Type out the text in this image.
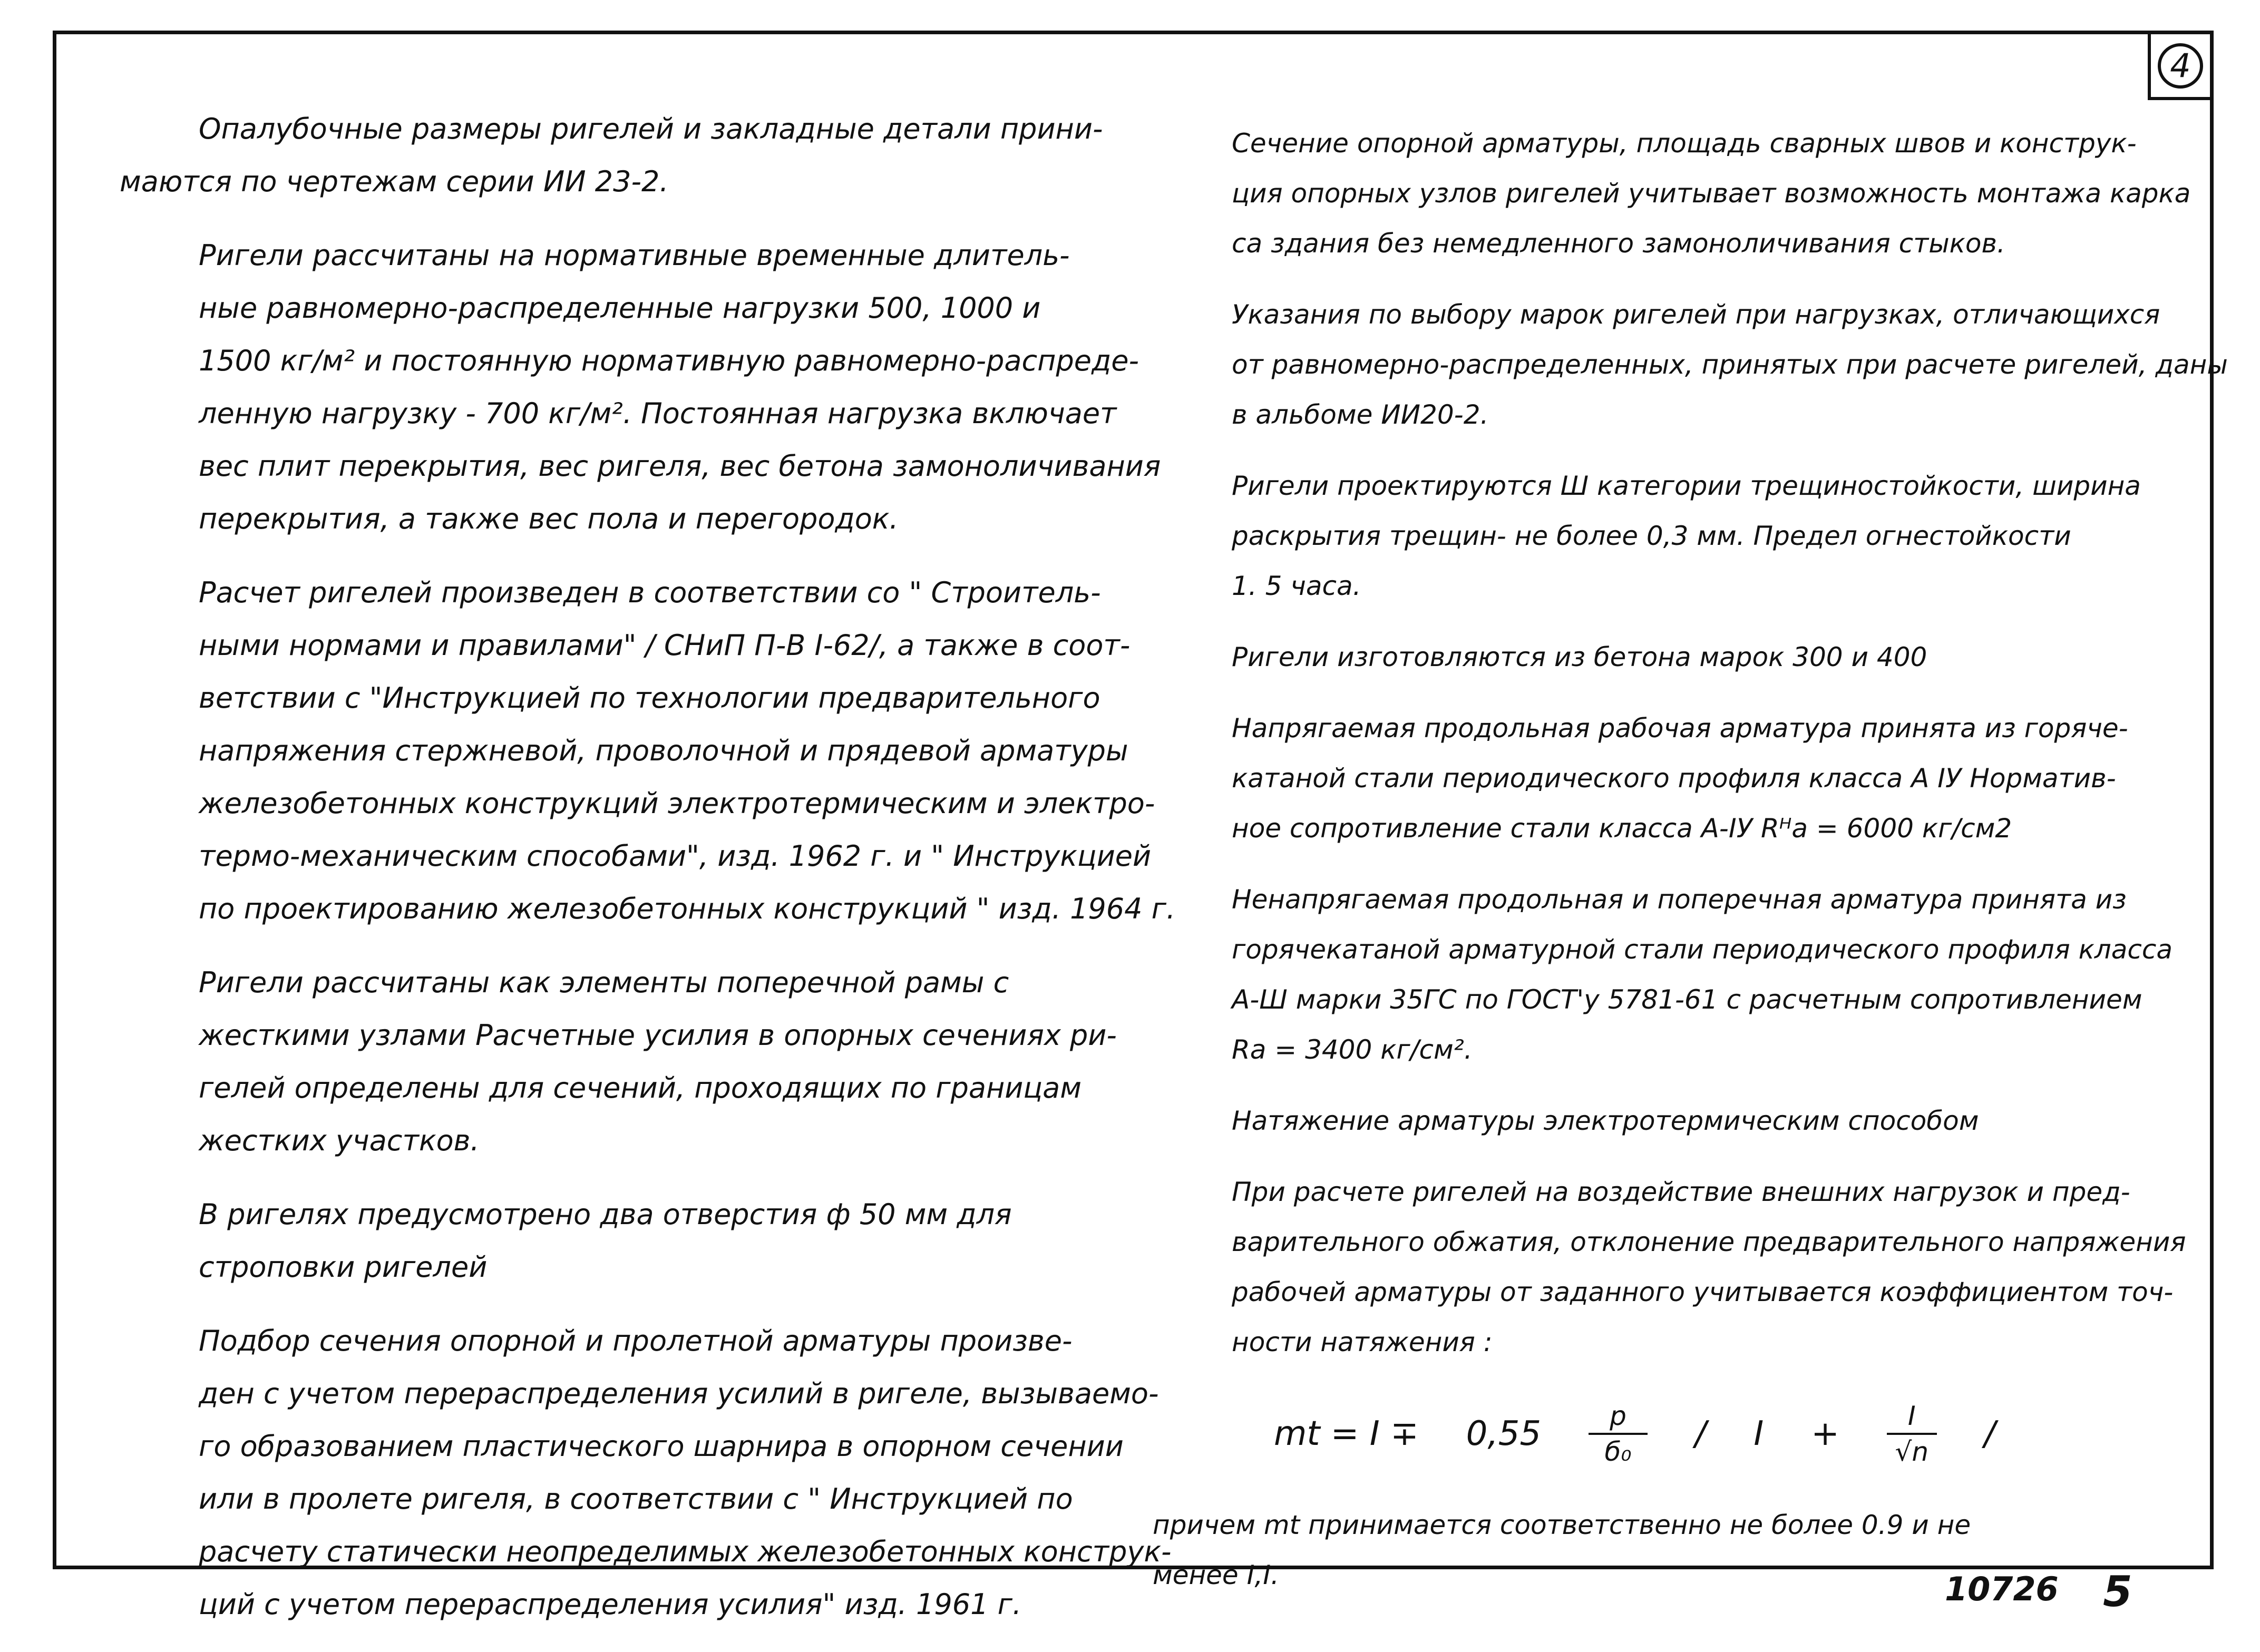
4

Опалубочные размеры ригелей и закладные детали прини-
маются по чертежам серии ИИ 23-2.

Ригели рассчитаны на нормативные временные длитель-
ные равномерно-распределенные нагрузки 500, 1000 и
1500 кг/м² и постоянную нормативную равномерно-распреде-
ленную нагрузку - 700 кг/м². Постоянная нагрузка включает
вес плит перекрытия, вес ригеля, вес бетона замоноличивания
перекрытия, а также вес пола и перегородок.

Расчет ригелей произведен в соответствии со " Строитель-
ными нормами и правилами" / СНиП П-В I-62/, а также в соот-
ветствии с "Инструкцией по технологии предварительного
напряжения стержневой, проволочной и прядевой арматуры
железобетонных конструкций электротермическим и электро-
термо-механическим способами", изд. 1962 г. и " Инструкцией
по проектированию железобетонных конструкций " изд. 1964 г.

Ригели рассчитаны как элементы поперечной рамы с
жесткими узлами Расчетные усилия в опорных сечениях ри-
гелей определены для сечений, проходящих по границам
жестких участков.

В ригелях предусмотрено два отверстия ф 50 мм для
строповки ригелей

Подбор сечения опорной и пролетной арматуры произве-
ден с учетом перераспределения усилий в ригеле, вызываемо-
го образованием пластического шарнира в опорном сечении
или в пролете ригеля, в соответствии с " Инструкцией по
расчету статически неопределимых железобетонных конструк-
ций с учетом перераспределения усилия" изд. 1961 г.

Сечение опорной арматуры, площадь сварных швов и конструк-
ция опорных узлов ригелей учитывает возможность монтажа карка
са здания без немедленного замоноличивания стыков.

Указания по выбору марок ригелей при нагрузках, отличающихся
от равномерно-распределенных, принятых при расчете ригелей, даны
в альбоме ИИ20-2.

Ригели проектируются Ш категории трещиностойкости, ширина
раскрытия трещин- не более 0,3 мм. Предел огнестойкости
1. 5 часа.

Ригели изготовляются из бетона марок 300 и 400

Напрягаемая продольная рабочая арматура принята из горяче-
катаной стали периодического профиля класса А IУ Норматив-
ное сопротивление стали класса А-IУ Rᴴa = 6000 кг/см2

Ненапрягаемая продольная и поперечная арматура принята из
горячекатаной арматурной стали периодического профиля класса
А-Ш марки 35ГС по ГОСТ'у 5781-61 с расчетным сопротивлением
Ra = 3400 кг/см².

Натяжение арматуры электротермическим способом

При расчете ригелей на воздействие внешних нагрузок и пред-
варительного обжатия, отклонение предварительного напряжения
рабочей арматуры от заданного учитывается коэффициентом точ-
ности натяжения :

mt = $I \mp 0,55 \frac{p}{\text{б₀}} / I + \frac{I}{√n}$ /

причем mt принимается соответственно не более 0.9 и не
менее I,I.	10726 5
